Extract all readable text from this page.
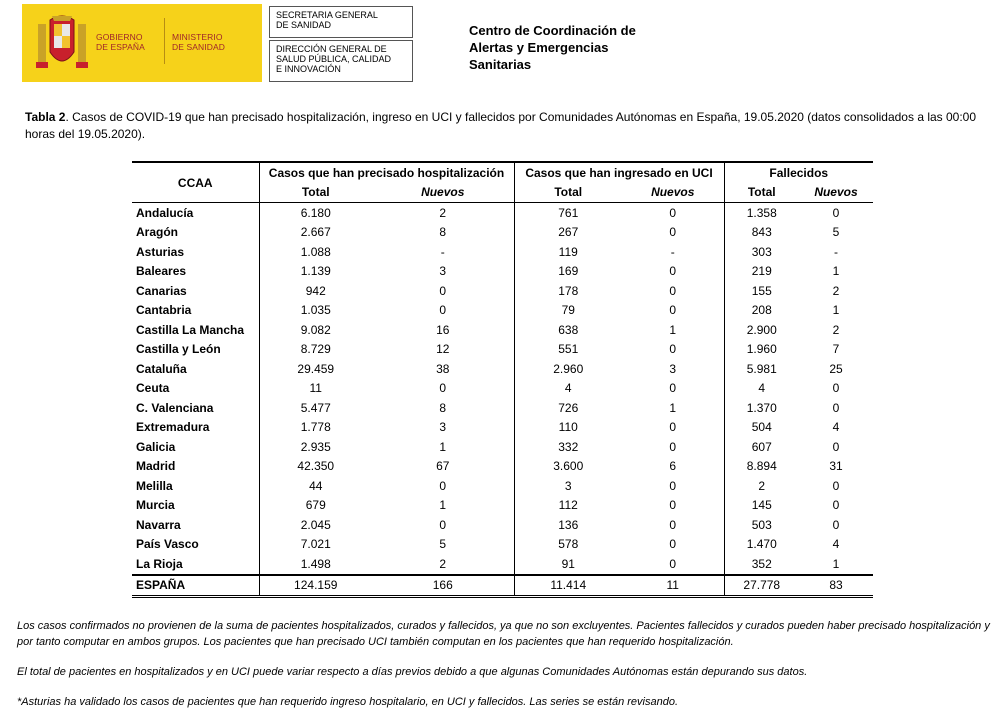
GOBIERNO
DE ESPAÑA
MINISTERIO
DE SANIDAD
SECRETARIA GENERAL
DE SANIDAD
DIRECCIÓN GENERAL DE
SALUD PÚBLICA, CALIDAD
E INNOVACIÓN
Centro de Coordinación de
Alertas y Emergencias
Sanitarias
Tabla 2. Casos de COVID-19 que han precisado hospitalización, ingreso en UCI y fallecidos por Comunidades Autónomas en España, 19.05.2020 (datos consolidados a las 00:00 horas del 19.05.2020).
CCAA	Casos que han precisado hospitalización		Casos que han ingresado en UCI		Fallecidos	
	Total	Nuevos	Total	Nuevos	Total	Nuevos
Andalucía	6.180	2	761	0	1.358	0
Aragón	2.667	8	267	0	843	5
Asturias	1.088	-	119	-	303	-
Baleares	1.139	3	169	0	219	1
Canarias	942	0	178	0	155	2
Cantabria	1.035	0	79	0	208	1
Castilla La Mancha	9.082	16	638	1	2.900	2
Castilla y León	8.729	12	551	0	1.960	7
Cataluña	29.459	38	2.960	3	5.981	25
Ceuta	11	0	4	0	4	0
C. Valenciana	5.477	8	726	1	1.370	0
Extremadura	1.778	3	110	0	504	4
Galicia	2.935	1	332	0	607	0
Madrid	42.350	67	3.600	6	8.894	31
Melilla	44	0	3	0	2	0
Murcia	679	1	112	0	145	0
Navarra	2.045	0	136	0	503	0
País Vasco	7.021	5	578	0	1.470	4
La Rioja	1.498	2	91	0	352	1
ESPAÑA	124.159	166	11.414	11	27.778	83
Los casos confirmados no provienen de la suma de pacientes hospitalizados, curados y fallecidos, ya que no son excluyentes. Pacientes fallecidos y curados pueden haber precisado hospitalización y por tanto computar en ambos grupos. Los pacientes que han precisado UCI también computan en los pacientes que han requerido hospitalización.
El total de pacientes en hospitalizados y en UCI puede variar respecto a días previos debido a que algunas Comunidades Autónomas están depurando sus datos.
*Asturias ha validado los casos de pacientes que han requerido ingreso hospitalario, en UCI y fallecidos. Las series se están revisando.
